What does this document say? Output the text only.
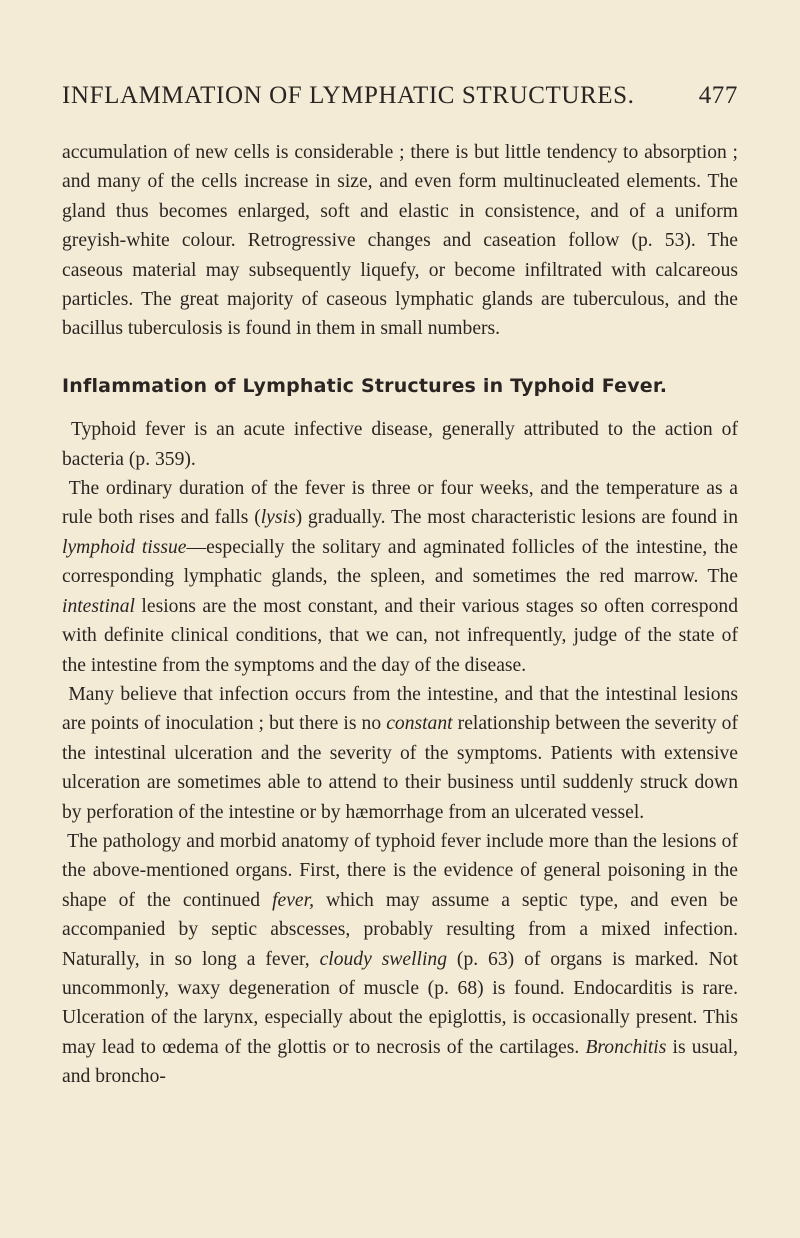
INFLAMMATION OF LYMPHATIC STRUCTURES.	477

accumulation of new cells is considerable ; there is but little tendency to absorption ; and many of the cells increase in size, and even form multinucleated elements. The gland thus becomes enlarged, soft and elastic in consistence, and of a uniform greyish-white colour. Retrogressive changes and caseation follow (p. 53). The caseous material may subsequently liquefy, or become infiltrated with calcareous particles. The great majority of caseous lymphatic glands are tuberculous, and the bacillus tuberculosis is found in them in small numbers.

Inflammation of Lymphatic Structures in Typhoid Fever.

Typhoid fever is an acute infective disease, generally attributed to the action of bacteria (p. 359).

The ordinary duration of the fever is three or four weeks, and the temperature as a rule both rises and falls (lysis) gradually. The most characteristic lesions are found in lymphoid tissue—especially the solitary and agminated follicles of the intestine, the corresponding lymphatic glands, the spleen, and sometimes the red marrow. The intestinal lesions are the most constant, and their various stages so often correspond with definite clinical conditions, that we can, not infrequently, judge of the state of the intestine from the symptoms and the day of the disease.

Many believe that infection occurs from the intestine, and that the intestinal lesions are points of inoculation ; but there is no constant relationship between the severity of the intestinal ulceration and the severity of the symptoms. Patients with extensive ulceration are sometimes able to attend to their business until suddenly struck down by perforation of the intestine or by hæmorrhage from an ulcerated vessel.

The pathology and morbid anatomy of typhoid fever include more than the lesions of the above-mentioned organs. First, there is the evidence of general poisoning in the shape of the continued fever, which may assume a septic type, and even be accompanied by septic abscesses, probably resulting from a mixed infection. Naturally, in so long a fever, cloudy swelling (p. 63) of organs is marked. Not uncommonly, waxy degeneration of muscle (p. 68) is found. Endocarditis is rare. Ulceration of the larynx, especially about the epiglottis, is occasionally present. This may lead to œdema of the glottis or to necrosis of the cartilages. Bronchitis is usual, and broncho-
